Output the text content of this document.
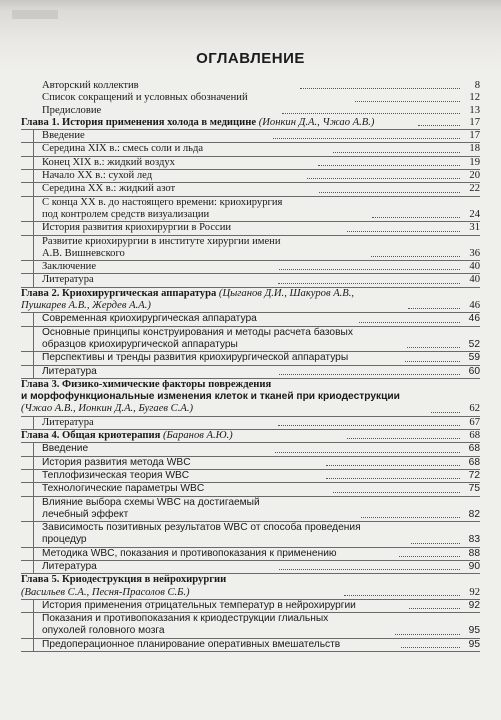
ОГЛАВЛЕНИЕ
Авторский коллектив	8
Список сокращений и условных обозначений	12
Предисловие	13
Глава 1. История применения холода в медицине (Ионкин Д.А., Чжао А.В.)	17
Введение	17
Середина XIX в.: смесь соли и льда	18
Конец XIX в.: жидкий воздух	19
Начало XX в.: сухой лед	20
Середина XX в.: жидкий азот	22
С конца XX в. до настоящего времени: криохирургия
под контролем средств визуализации	24
История развития криохирургии в России	31
Развитие криохирургии в институте хирургии имени
А.В. Вишневского	36
Заключение	40
Литература	40
Глава 2. Криохирургическая аппаратура (Цыганов Д.И., Шакуров А.В.,
Пушкарев А.В., Жердев А.А.)	46
Современная криохирургическая аппаратура	46
Основные принципы конструирования и методы расчета базовых
образцов криохирургической аппаратуры	52
Перспективы и тренды развития криохирургической аппаратуры	59
Литература	60
Глава 3. Физико-химические факторы повреждения
и морфофункциональные изменения клеток и тканей при криодеструкции
(Чжао А.В., Ионкин Д.А., Бугаев С.А.)	62
Литература	67
Глава 4. Общая криотерапия (Баранов А.Ю.)	68
Введение	68
История развития метода WBC	68
Теплофизическая теория WBC	72
Технологические параметры WBC	75
Влияние выбора схемы WBC на достигаемый
лечебный эффект	82
Зависимость позитивных результатов WBC от способа проведения
процедур	83
Методика WBC, показания и противопоказания к применению	88
Литература	90
Глава 5. Криодеструкция в нейрохирургии
(Васильев С.А., Песня-Прасолов С.Б.)	92
История применения отрицательных температур в нейрохирургии	92
Показания и противопоказания к криодеструкции глиальных
опухолей головного мозга	95
Предоперационное планирование оперативных вмешательств	95
